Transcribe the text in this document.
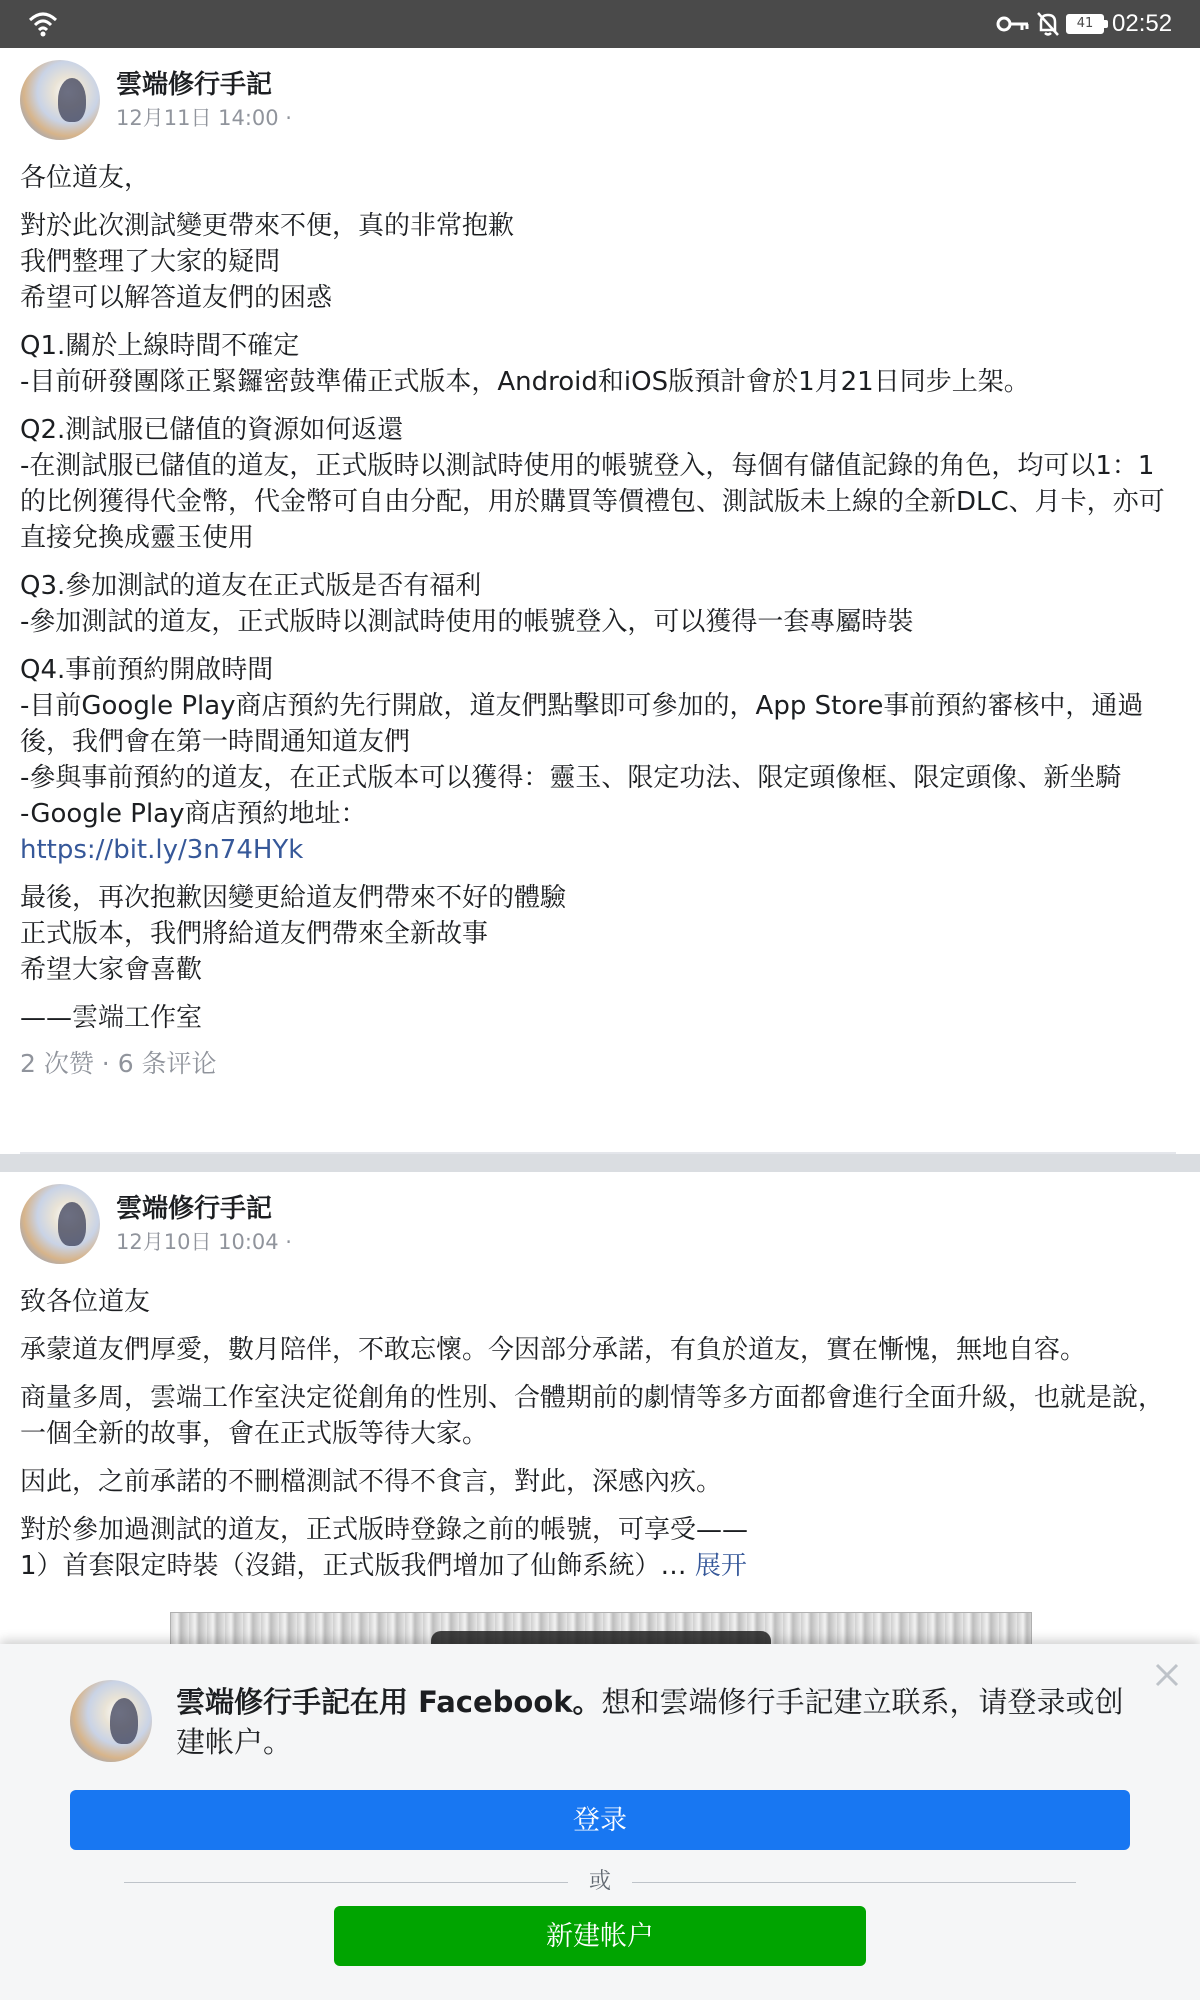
41 02:52
雲端修行手記
12月11日 14:00 ·

各位道友，

對於此次測試變更帶來不便，真的非常抱歉
我們整理了大家的疑問
希望可以解答道友們的困惑

Q1.關於上線時間不確定
-目前研發團隊正緊鑼密鼓準備正式版本，Android和iOS版預計會於1月21日同步上架。

Q2.測試服已儲值的資源如何返還
-在測試服已儲值的道友，正式版時以測試時使用的帳號登入，每個有儲值記錄的角色，均可以1：1的比例獲得代金幣，代金幣可自由分配，用於購買等價禮包、測試版未上線的全新DLC、月卡，亦可直接兌換成靈玉使用

Q3.參加測試的道友在正式版是否有福利
-參加測試的道友，正式版時以測試時使用的帳號登入，可以獲得一套專屬時裝

Q4.事前預約開啟時間
-目前Google Play商店預約先行開啟，道友們點擊即可參加的，App Store事前預約審核中，通過後，我們會在第一時間通知道友們
-參與事前預約的道友，在正式版本可以獲得：靈玉、限定功法、限定頭像框、限定頭像、新坐騎
-Google Play商店預約地址：
https://bit.ly/3n74HYk

最後，再次抱歉因變更給道友們帶來不好的體驗
正式版本，我們將給道友們帶來全新故事
希望大家會喜歡

——雲端工作室

2 次赞 · 6 条评论
雲端修行手記
12月10日 10:04 ·

致各位道友

承蒙道友們厚愛，數月陪伴，不敢忘懷。今因部分承諾，有負於道友，實在慚愧，無地自容。

商量多周，雲端工作室決定從創角的性別、合體期前的劇情等多方面都會進行全面升級，也就是說，一個全新的故事，會在正式版等待大家。

因此，之前承諾的不刪檔測試不得不食言，對此，深感內疚。

對於參加過測試的道友，正式版時登錄之前的帳號，可享受——
1）首套限定時裝（沒錯，正式版我們增加了仙飾系統）… 展开

雲端修行手記在用 Facebook。想和雲端修行手記建立联系，请登录或创建帐户。
登录
或
新建帐户
